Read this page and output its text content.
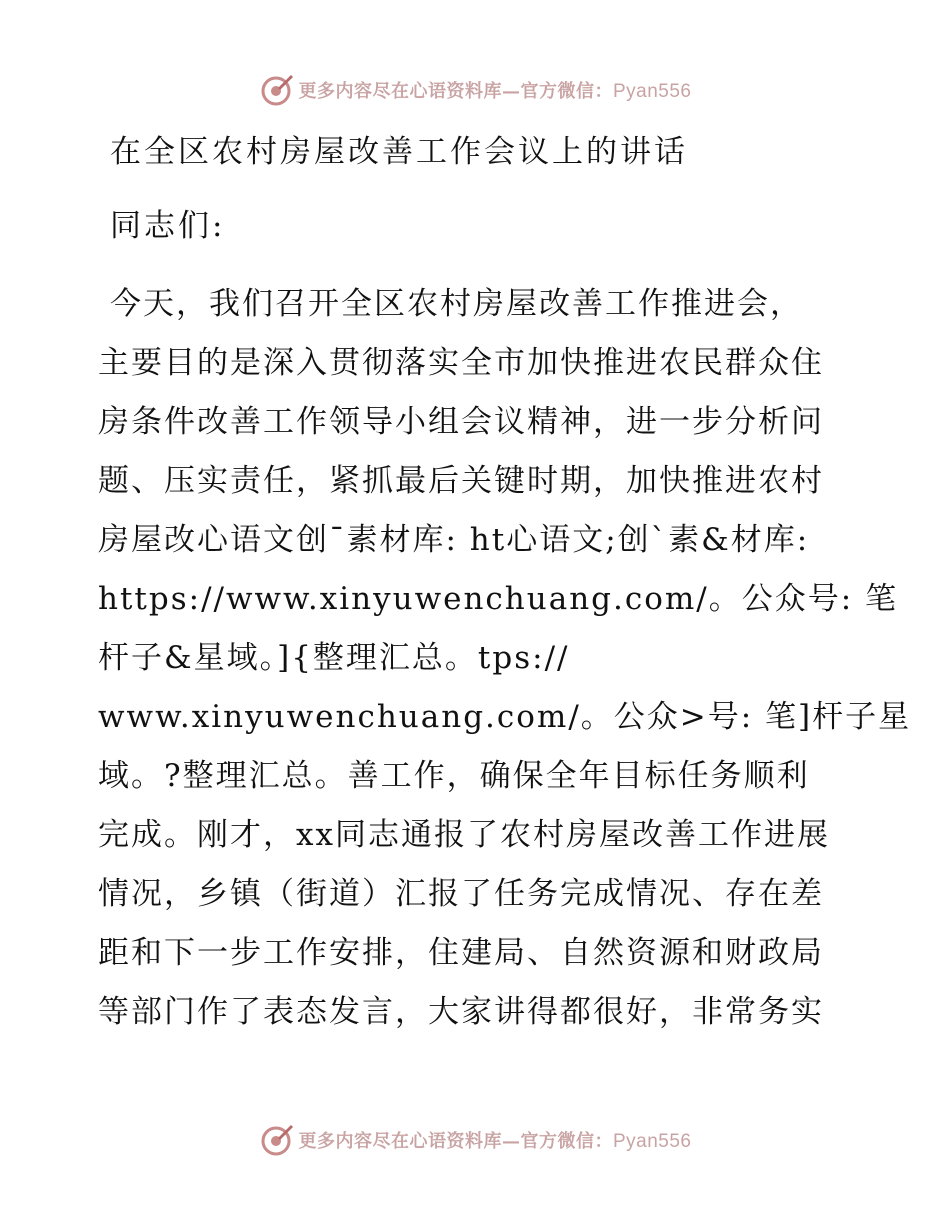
更多内容尽在心语资料库—官方微信：Pyan556
在全区农村房屋改善工作会议上的讲话
同志们:
今天，我们召开全区农村房屋改善工作推进会，
主要目的是深入贯彻落实全市加快推进农民群众住
房条件改善工作领导小组会议精神，进一步分析问
题、压实责任，紧抓最后关键时期，加快推进农村
房屋改心语文创¯素材库: ht心语文;创`素&材库:
https://www.xinyuwenchuang.com/。公众号: 笔
杆子&星域。]{整理汇总。tps://
www.xinyuwenchuang.com/。公众>号: 笔]杆子星
域。?整理汇总。善工作，确保全年目标任务顺利
完成。刚才，xx同志通报了农村房屋改善工作进展
情况，乡镇（街道）汇报了任务完成情况、存在差
距和下一步工作安排，住建局、自然资源和财政局
等部门作了表态发言，大家讲得都很好，非常务实
更多内容尽在心语资料库—官方微信：Pyan556
